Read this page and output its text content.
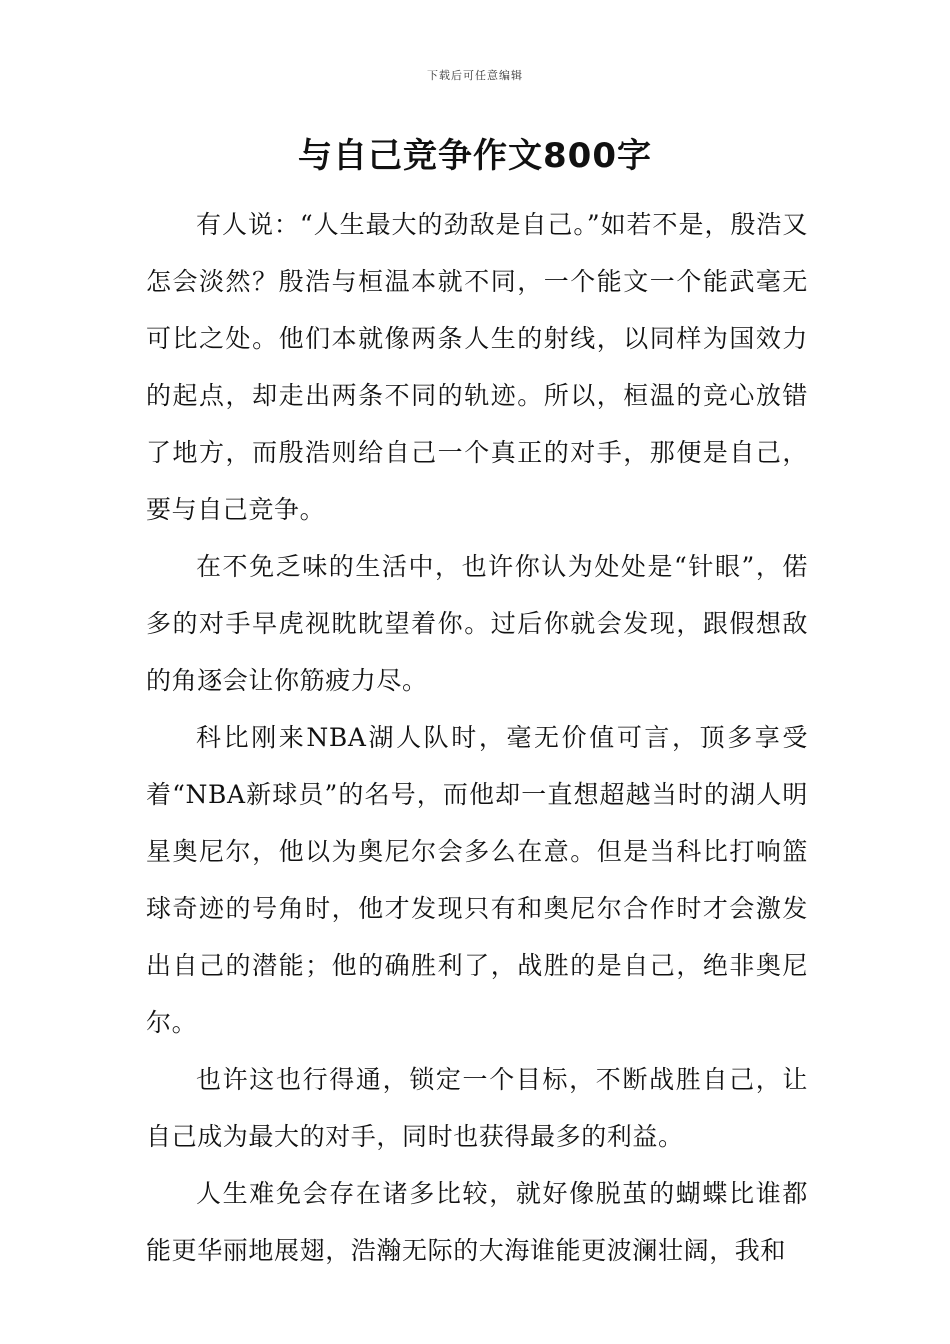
下载后可任意编辑
与自己竞争作文800字

有人说：“人生最大的劲敌是自己。”如若不是，殷浩又怎会淡然？殷浩与桓温本就不同，一个能文一个能武毫无可比之处。他们本就像两条人生的射线，以同样为国效力的起点，却走出两条不同的轨迹。所以，桓温的竞心放错了地方，而殷浩则给自己一个真正的对手，那便是自己，要与自己竞争。

在不免乏味的生活中，也许你认为处处是“针眼”，偌多的对手早虎视眈眈望着你。过后你就会发现，跟假想敌的角逐会让你筋疲力尽。

科比刚来NBA湖人队时，毫无价值可言，顶多享受着“NBA新球员”的名号，而他却一直想超越当时的湖人明星奥尼尔，他以为奥尼尔会多么在意。但是当科比打响篮球奇迹的号角时，他才发现只有和奥尼尔合作时才会激发出自己的潜能；他的确胜利了，战胜的是自己，绝非奥尼尔。

也许这也行得通，锁定一个目标，不断战胜自己，让自己成为最大的对手，同时也获得最多的利益。

人生难免会存在诸多比较，就好像脱茧的蝴蝶比谁都能更华丽地展翅，浩瀚无际的大海谁能更波澜壮阔，我和
